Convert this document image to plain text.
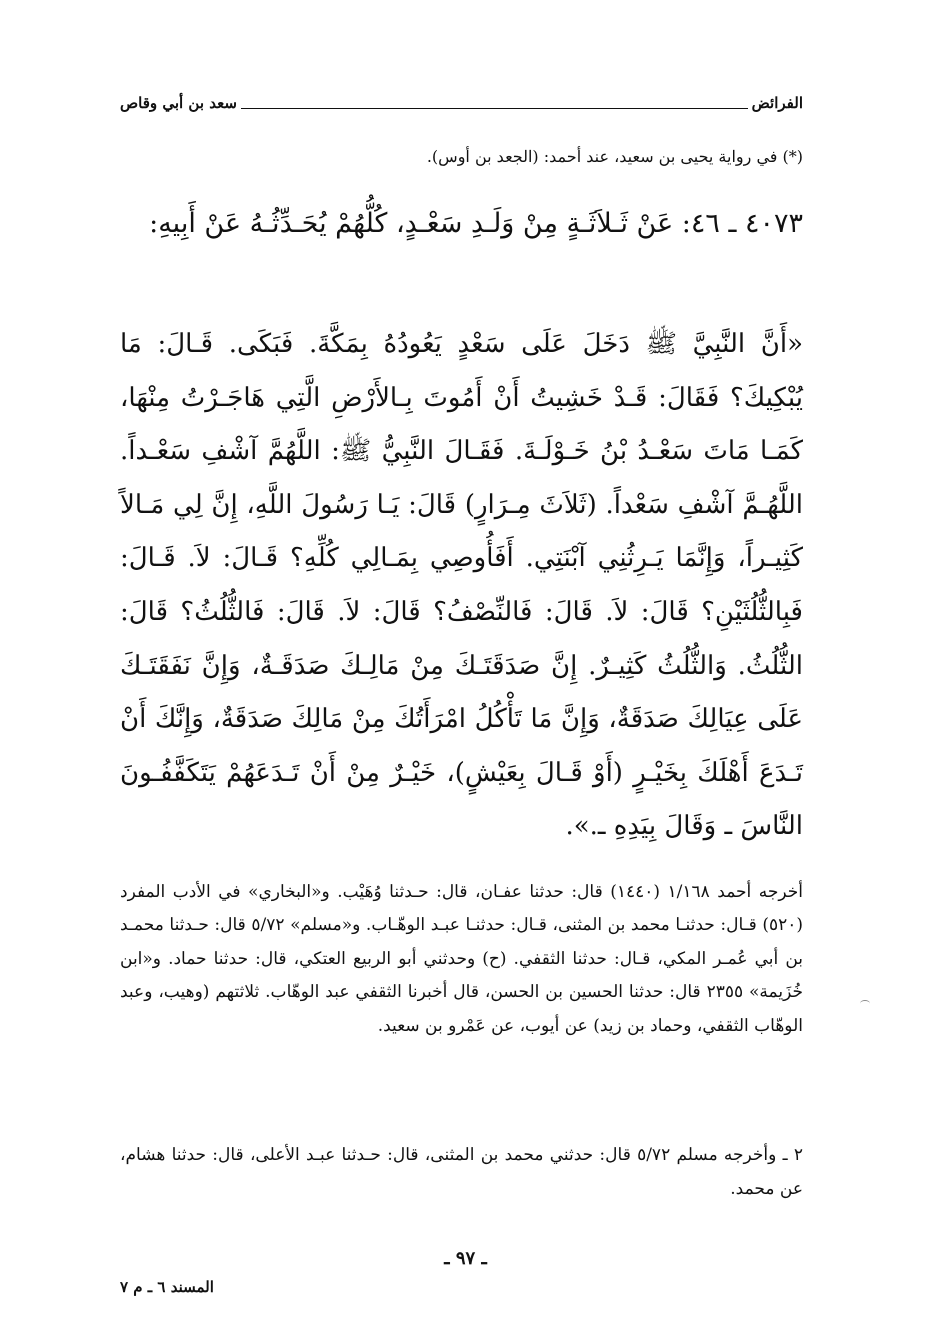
الفرائض
سعد بن أبي وقاص
(*) في رواية يحيى بن سعيد، عند أحمد: (الجعد بن أوس).
٤٠٧٣ ـ ٤٦: عَنْ ثَـلاَثَـةٍ مِنْ وَلَـدِ سَعْـدٍ، كُلُّهُمْ يُحَـدِّثُـهُ عَنْ أَبِيهِ:
«أَنَّ النَّبِيَّ ﷺ دَخَلَ عَلَى سَعْدٍ يَعُودُهُ بِمَكَّةَ. فَبَكَى. قَـالَ: مَا يُبْكِيكَ؟ فَقَالَ: قَـدْ خَشِيتُ أَنْ أَمُوتَ بِـالأَرْضِ الَّتِي هَاجَـرْتُ مِنْهَا، كَمَـا مَاتَ سَعْـدُ بْنُ خَـوْلَـةَ. فَقَـالَ النَّبِيُّ ﷺ: اللَّهُمَّ آشْفِ سَعْـداً. اللَّهُـمَّ آشْفِ سَعْداً. (ثَلاَثَ مِـرَارٍ) قَالَ: يَـا رَسُولَ اللَّهِ، إِنَّ لِي مَـالاً كَثِيـراً، وَإِنَّمَا يَـرِثُنِي آبْنَتِي. أَفَأُوصِي بِمَـالِي كُلِّهِ؟ قَـالَ: لاَ. قَـالَ: فَبِالثُّلُثَيْنِ؟ قَالَ: لاَ. قَالَ: فَالنِّصْفُ؟ قَالَ: لاَ. قَالَ: فَالثُّلُثُ؟ قَالَ: الثُّلُثُ. وَالثُّلُثُ كَثِيـرٌ. إِنَّ صَدَقَتَـكَ مِنْ مَالِـكَ صَدَقَـةٌ، وَإِنَّ نَفَقَتَـكَ عَلَى عِيَالِكَ صَدَقَةٌ، وَإِنَّ مَا تَأْكُلُ امْرَأَتُكَ مِنْ مَالِكَ صَدَقَةٌ، وَإِنَّكَ أَنْ تَـدَعَ أَهْلَكَ بِخَيْـرٍ (أَوْ قَـالَ بِعَيْشٍ)، خَيْـرٌ مِنْ أَنْ تَـدَعَهُمْ يَتَكَفَّفُـونَ النَّاسَ ـ وَقَالَ بِيَدِهِ ـ.».
أخرجه أحمد ١/١٦٨ (١٤٤٠) قال: حدثنا عفـان، قال: حـدثنا وُهَيْب. و«البخاري» في الأدب المفرد (٥٢٠) قـال: حدثنـا محمد بن المثنى، قـال: حدثنـا عبـد الوهّـاب. و«مسلم» ٥/٧٢ قال: حـدثنا محمـد بن أبي عُمـر المكي، قـال: حدثنا الثقفي. (ح) وحدثني أبو الربيع العتكي، قال: حدثنا حماد. و«ابن خُزَيمة» ٢٣٥٥ قال: حدثنا الحسين بن الحسن، قال أخبرنا الثقفي عبد الوهّاب. ثلاثتهم (وهيب، وعبد الوهّاب الثقفي، وحماد بن زيد) عن أيوب، عن عَمْرو بن سعيد.
٢ ـ وأخرجه مسلم ٥/٧٢ قال: حدثني محمد بن المثنى، قال: حـدثنا عبـد الأعلى، قال: حدثنا هشام، عن محمد.
ـ ٩٧ ـ
المسند ٦ ـ م ٧
